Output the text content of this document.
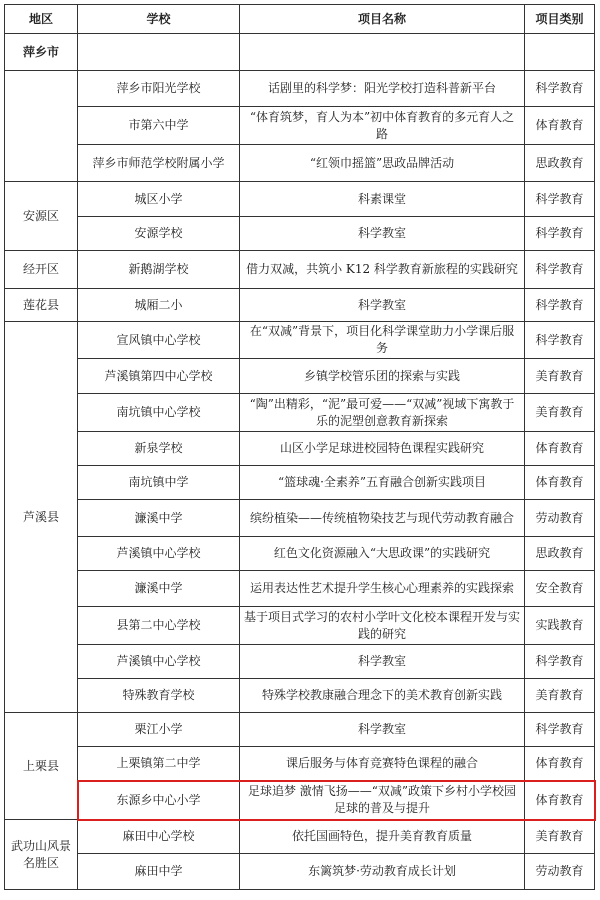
地区	学校	项目名称	项目类别
萍乡市			
	萍乡市阳光学校	话剧里的科学梦：阳光学校打造科普新平台	科学教育
	市第六中学	“体育筑梦，育人为本”初中体育教育的多元育人之路	体育教育
	萍乡市师范学校附属小学	“红领巾摇篮”思政品牌活动	思政教育
安源区	城区小学	科素课堂	科学教育
	安源学校	科学教室	科学教育
经开区	新鹅湖学校	借力双减，共筑小 K12 科学教育新旅程的实践研究	科学教育
莲花县	城厢二小	科学教室	科学教育
芦溪县	宣风镇中心学校	在“双减”背景下，项目化科学课堂助力小学课后服务	科学教育
	芦溪镇第四中心学校	乡镇学校管乐团的探索与实践	美育教育
	南坑镇中心学校	“陶”出精彩，“泥”最可爱——“双减”视域下寓教于乐的泥塑创意教育新探索	美育教育
	新泉学校	山区小学足球进校园特色课程实践研究	体育教育
	南坑镇中学	“篮球魂·全素养”五育融合创新实践项目	体育教育
	濂溪中学	缤纷植染——传统植物染技艺与现代劳动教育融合	劳动教育
	芦溪镇中心学校	红色文化资源融入“大思政课”的实践研究	思政教育
	濂溪中学	运用表达性艺术提升学生核心心理素养的实践探索	安全教育
	县第二中心学校	基于项目式学习的农村小学叶文化校本课程开发与实践的研究	实践教育
	芦溪镇中心学校	科学教室	科学教育
	特殊教育学校	特殊学校教康融合理念下的美术教育创新实践	美育教育
上栗县	栗江小学	科学教室	科学教育
	上栗镇第二中学	课后服务与体育竞赛特色课程的融合	体育教育
	东源乡中心小学	足球追梦 激情飞扬——“双减”政策下乡村小学校园足球的普及与提升	体育教育
武功山风景名胜区	麻田中心学校	依托国画特色，提升美育教育质量	美育教育
	麻田中学	东篱筑梦·劳动教育成长计划	劳动教育
